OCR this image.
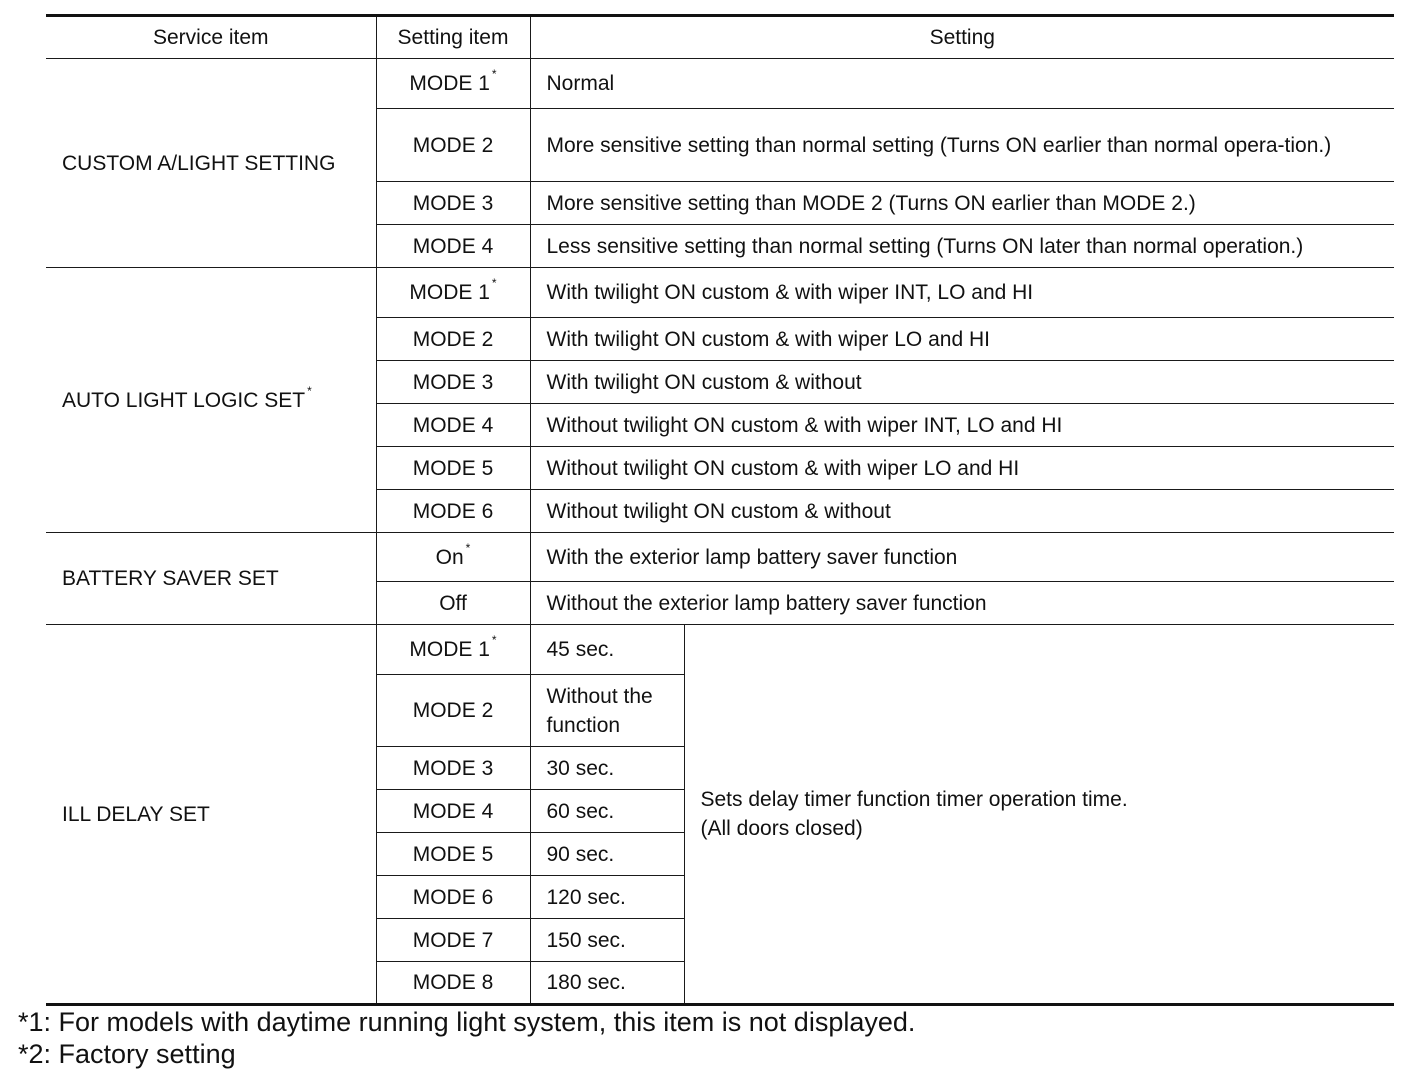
Service item	Setting item	Setting	
CUSTOM A/LIGHT SETTING	MODE 1 *	Normal	
	MODE 2	More sensitive setting than normal setting (Turns ON earlier than normal opera-tion.)	
	MODE 3	More sensitive setting than MODE 2 (Turns ON earlier than MODE 2.)	
	MODE 4	Less sensitive setting than normal setting (Turns ON later than normal operation.)	
AUTO LIGHT LOGIC SET *	MODE 1 *	With twilight ON custom & with wiper INT, LO and HI	
	MODE 2	With twilight ON custom & with wiper LO and HI	
	MODE 3	With twilight ON custom & without	
	MODE 4	Without twilight ON custom & with wiper INT, LO and HI	
	MODE 5	Without twilight ON custom & with wiper LO and HI	
	MODE 6	Without twilight ON custom & without	
BATTERY SAVER SET	On *	With the exterior lamp battery saver function	
	Off	Without the exterior lamp battery saver function	
ILL DELAY SET	MODE 1 *	45 sec.	Sets delay timer function timer operation time.
(All doors closed)

	MODE 2	Without the function	
	MODE 3	30 sec.	
	MODE 4	60 sec.	
	MODE 5	90 sec.	
	MODE 6	120 sec.	
	MODE 7	150 sec.	
	MODE 8	180 sec.	
*1: For models with daytime running light system, this item is not displayed.
*2: Factory setting
